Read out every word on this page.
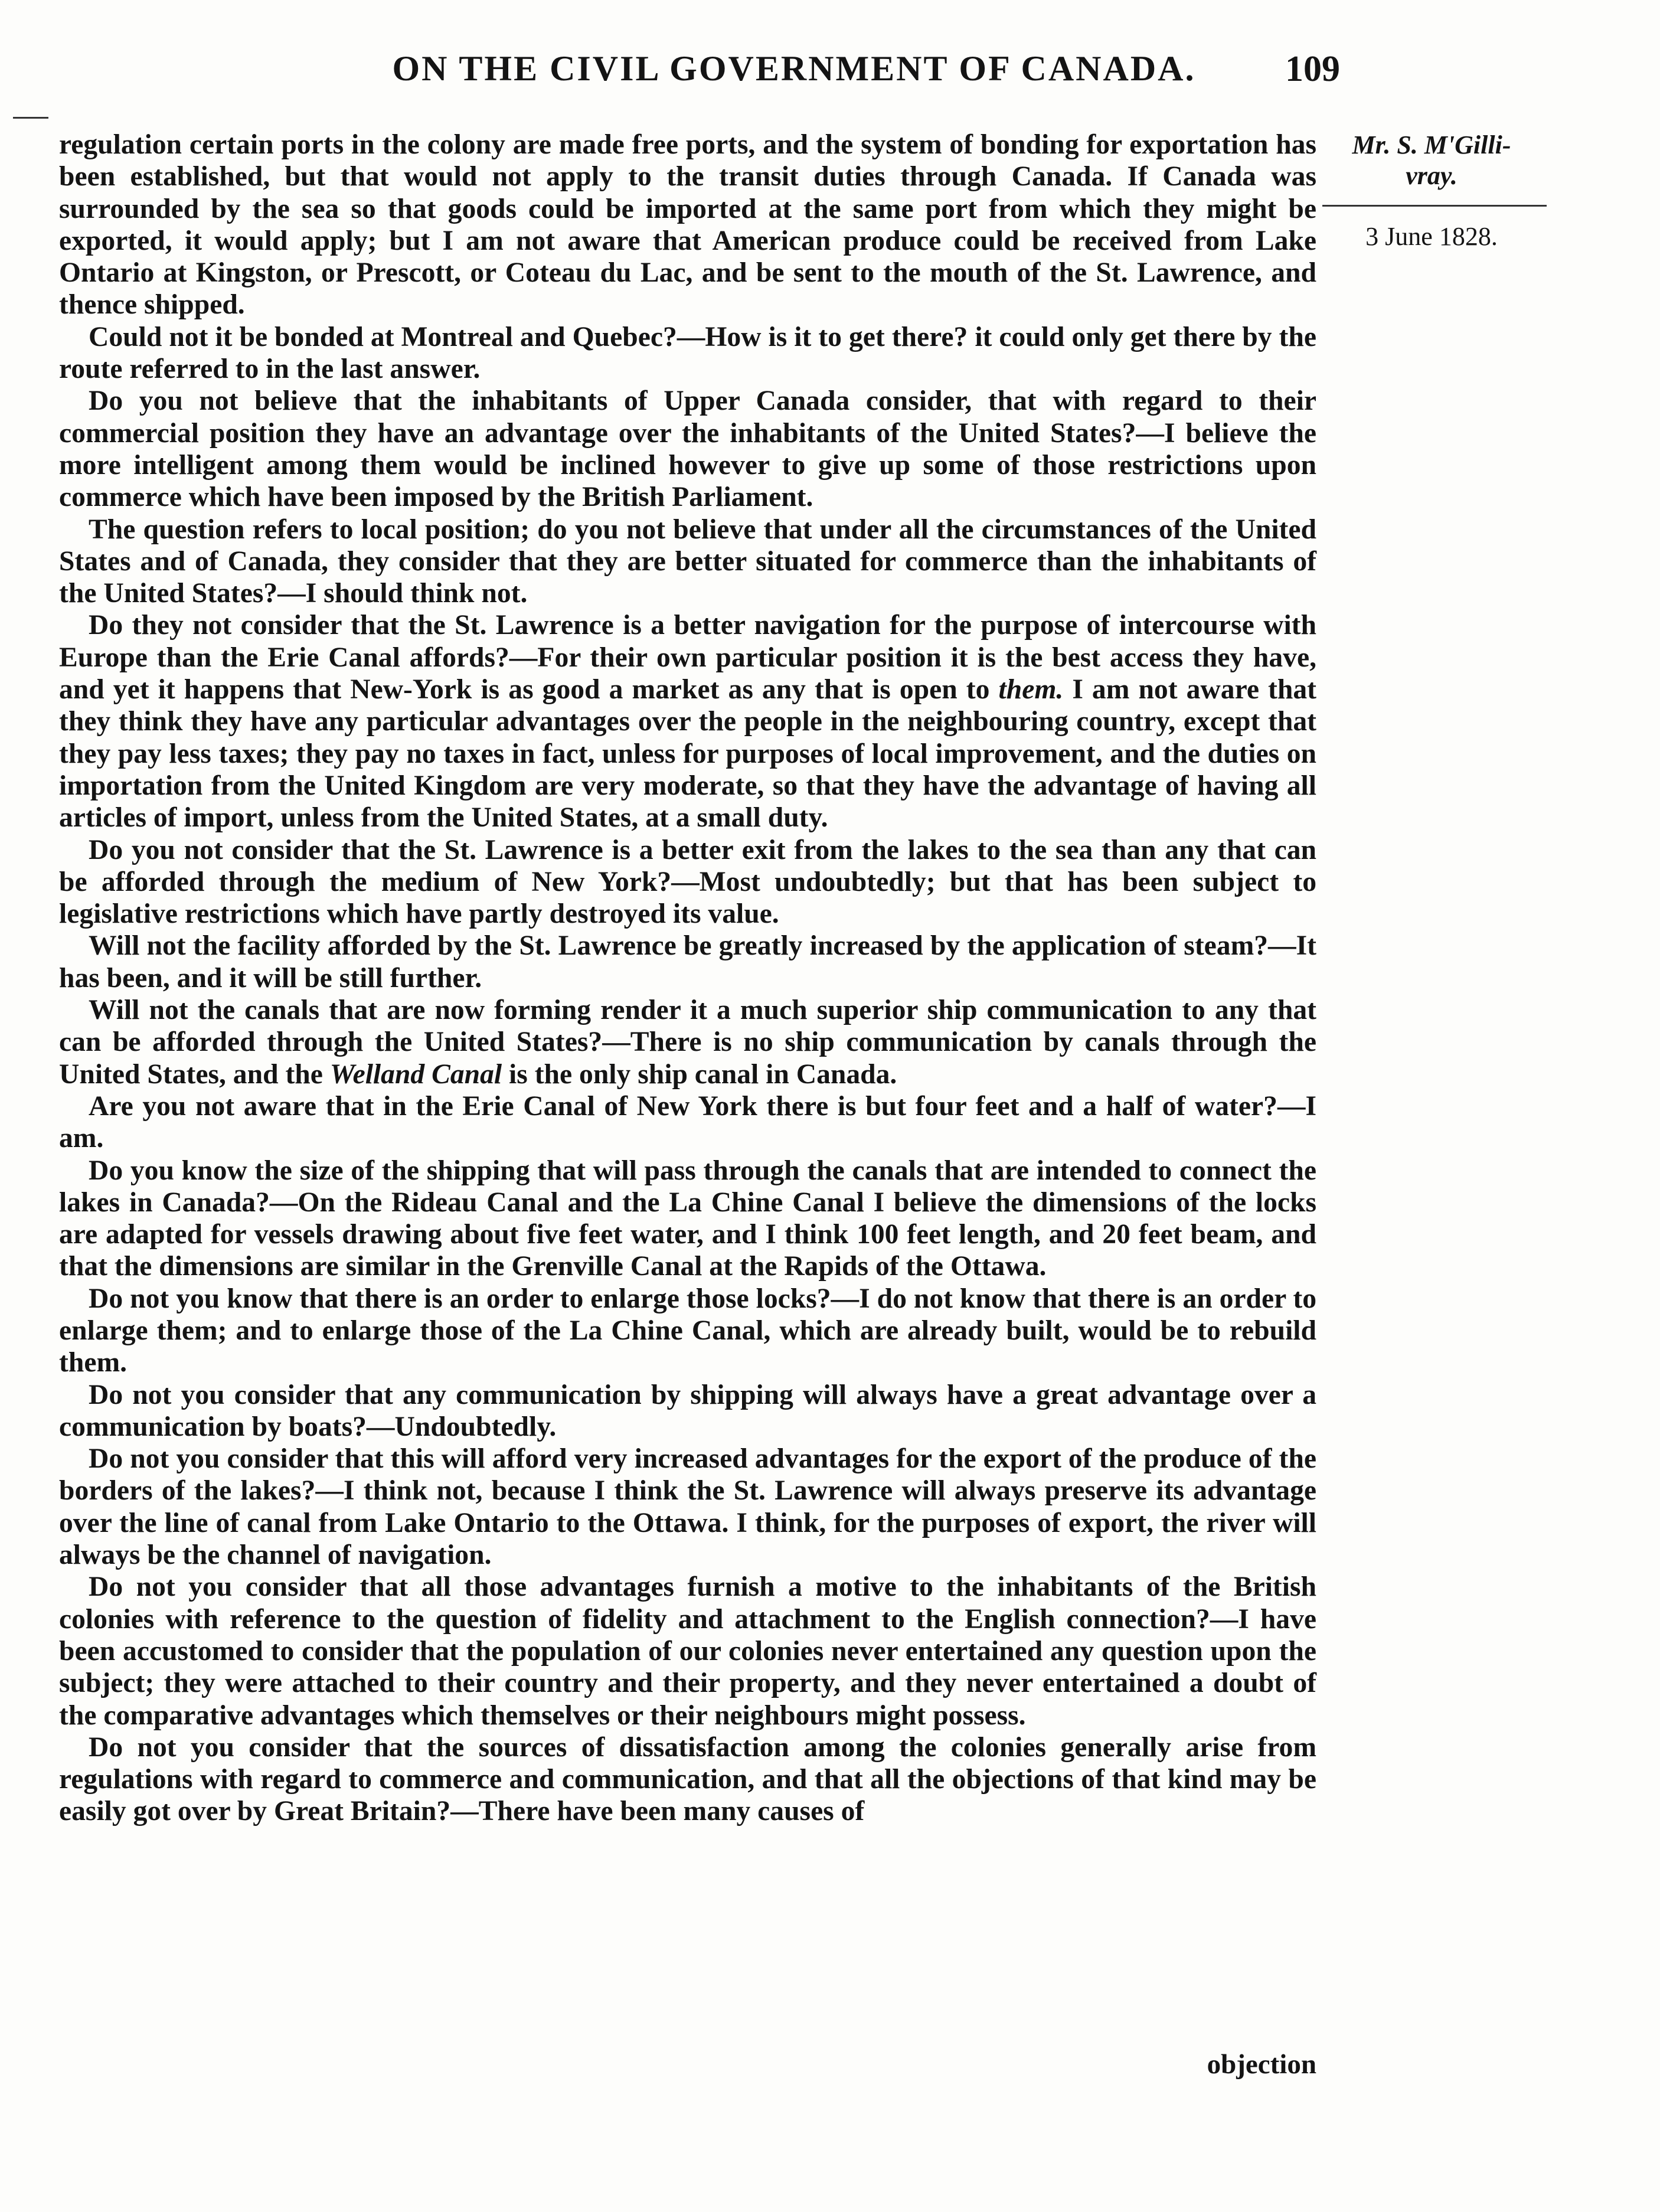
ON THE CIVIL GOVERNMENT OF CANADA.	109
Mr. S. M'Gilli-
vray.
3 June 1828.

regulation certain ports in the colony are made free ports, and the system of bonding for exportation has been established, but that would not apply to the transit duties through Canada. If Canada was surrounded by the sea so that goods could be imported at the same port from which they might be exported, it would apply; but I am not aware that American produce could be received from Lake Ontario at Kingston, or Prescott, or Coteau du Lac, and be sent to the mouth of the St. Lawrence, and thence shipped.

Could not it be bonded at Montreal and Quebec?—How is it to get there? it could only get there by the route referred to in the last answer.

Do you not believe that the inhabitants of Upper Canada consider, that with regard to their commercial position they have an advantage over the inhabitants of the United States?—I believe the more intelligent among them would be inclined however to give up some of those restrictions upon commerce which have been imposed by the British Parliament.

The question refers to local position; do you not believe that under all the circumstances of the United States and of Canada, they consider that they are better situated for commerce than the inhabitants of the United States?—I should think not.

Do they not consider that the St. Lawrence is a better navigation for the purpose of intercourse with Europe than the Erie Canal affords?—For their own particular position it is the best access they have, and yet it happens that New-York is as good a market as any that is open to them. I am not aware that they think they have any particular advantages over the people in the neighbouring country, except that they pay less taxes; they pay no taxes in fact, unless for purposes of local improvement, and the duties on importation from the United Kingdom are very moderate, so that they have the advantage of having all articles of import, unless from the United States, at a small duty.

Do you not consider that the St. Lawrence is a better exit from the lakes to the sea than any that can be afforded through the medium of New York?—Most undoubtedly; but that has been subject to legislative restrictions which have partly destroyed its value.

Will not the facility afforded by the St. Lawrence be greatly increased by the application of steam?—It has been, and it will be still further.

Will not the canals that are now forming render it a much superior ship communication to any that can be afforded through the United States?—There is no ship communication by canals through the United States, and the Welland Canal is the only ship canal in Canada.

Are you not aware that in the Erie Canal of New York there is but four feet and a half of water?—I am.

Do you know the size of the shipping that will pass through the canals that are intended to connect the lakes in Canada?—On the Rideau Canal and the La Chine Canal I believe the dimensions of the locks are adapted for vessels drawing about five feet water, and I think 100 feet length, and 20 feet beam, and that the dimensions are similar in the Grenville Canal at the Rapids of the Ottawa.

Do not you know that there is an order to enlarge those locks?—I do not know that there is an order to enlarge them; and to enlarge those of the La Chine Canal, which are already built, would be to rebuild them.

Do not you consider that any communication by shipping will always have a great advantage over a communication by boats?—Undoubtedly.

Do not you consider that this will afford very increased advantages for the export of the produce of the borders of the lakes?—I think not, because I think the St. Lawrence will always preserve its advantage over the line of canal from Lake Ontario to the Ottawa. I think, for the purposes of export, the river will always be the channel of navigation.

Do not you consider that all those advantages furnish a motive to the inhabitants of the British colonies with reference to the question of fidelity and attachment to the English connection?—I have been accustomed to consider that the population of our colonies never entertained any question upon the subject; they were attached to their country and their property, and they never entertained a doubt of the comparative advantages which themselves or their neighbours might possess.

Do not you consider that the sources of dissatisfaction among the colonies generally arise from regulations with regard to commerce and communication, and that all the objections of that kind may be easily got over by Great Britain?—There have been many causes of

objection
